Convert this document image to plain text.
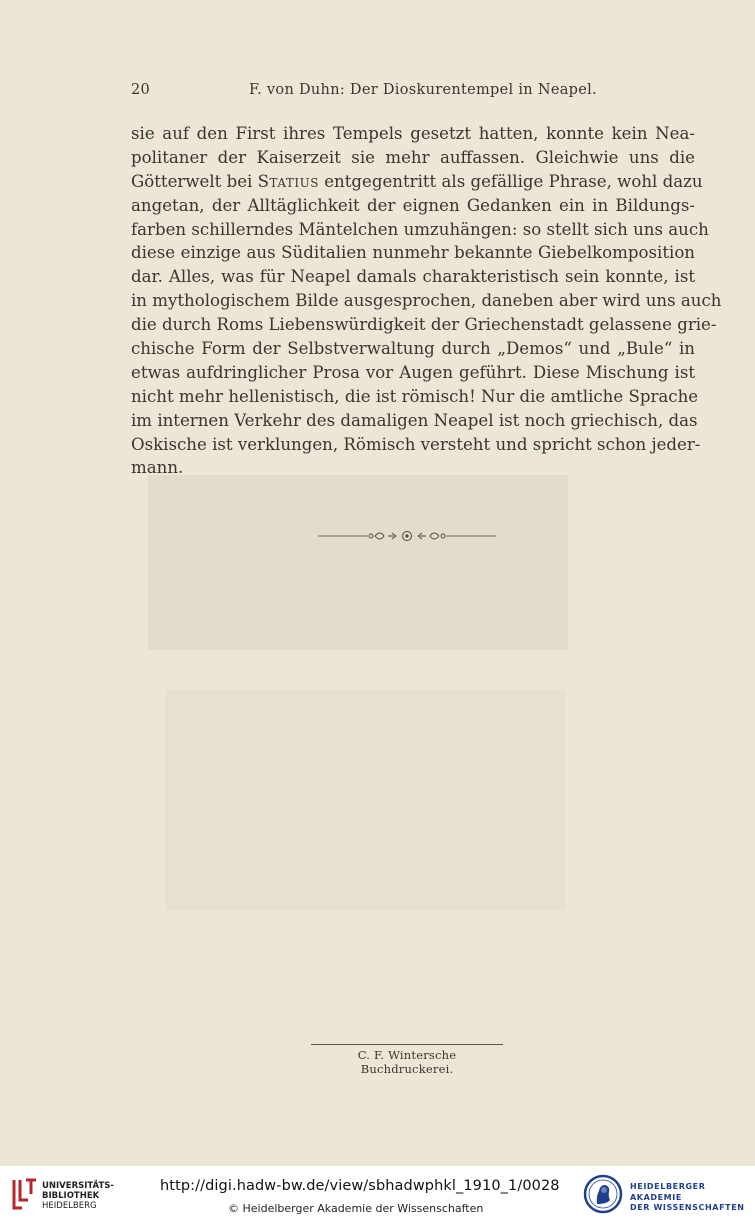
20	F. von Duhn: Der Dioskurentempel in Neapel.
sie auf den First ihres Tempels gesetzt hatten, konnte kein Nea-
politaner der Kaiserzeit sie mehr auffassen. Gleichwie uns die
Götterwelt bei Statius entgegentritt als gefällige Phrase, wohl dazu
angetan, der Alltäglichkeit der eignen Gedanken ein in Bildungs-
farben schillerndes Mäntelchen umzuhängen: so stellt sich uns auch
diese einzige aus Süditalien nunmehr bekannte Giebelkomposition
dar. Alles, was für Neapel damals charakteristisch sein konnte, ist
in mythologischem Bilde ausgesprochen, daneben aber wird uns auch
die durch Roms Liebenswürdigkeit der Griechenstadt gelassene grie-
chische Form der Selbstverwaltung durch „Demos“ und „Bule“ in
etwas aufdringlicher Prosa vor Augen geführt. Diese Mischung ist
nicht mehr hellenistisch, die ist römisch! Nur die amtliche Sprache
im internen Verkehr des damaligen Neapel ist noch griechisch, das
Oskische ist verklungen, Römisch versteht und spricht schon jeder-
mann.
C. F. Wintersche Buchdruckerei.
UNIVERSITÄTS-
BIBLIOTHEK
HEIDELBERG
http://digi.hadw-bw.de/view/sbhadwphkl_1910_1/0028
© Heidelberger Akademie der Wissenschaften
HEIDELBERGER AKADEMIE
DER WISSENSCHAFTEN
